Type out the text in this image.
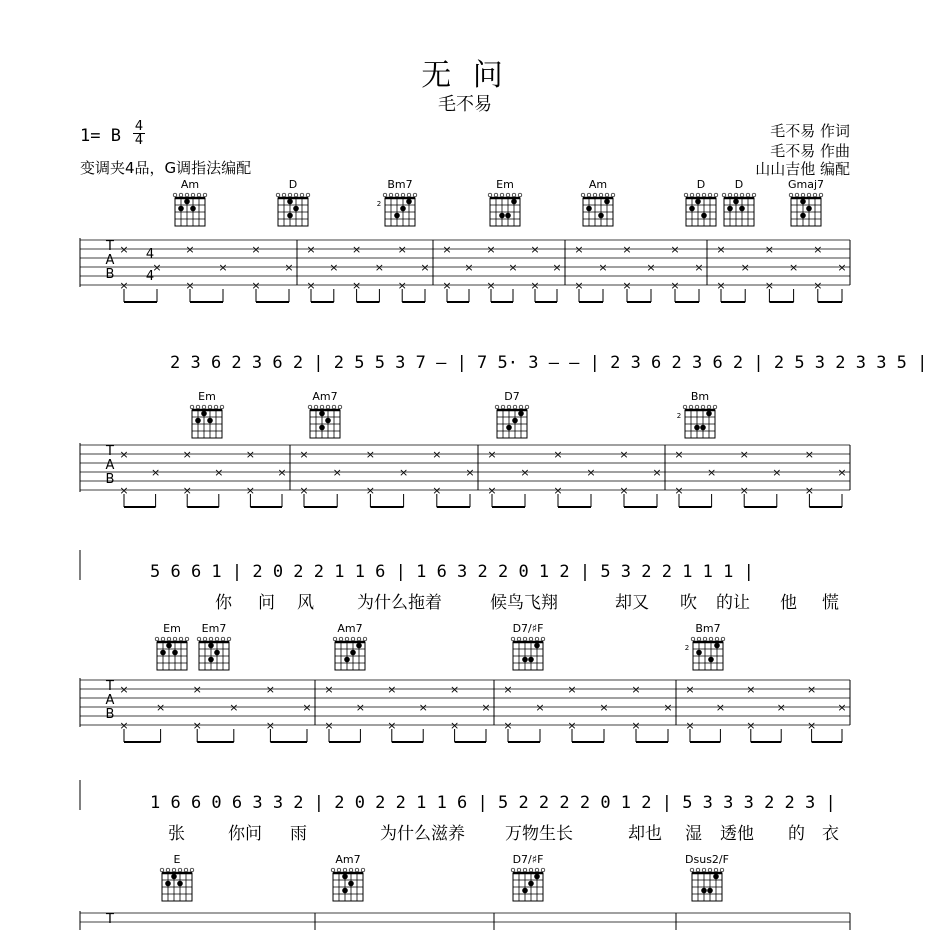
无 问
毛不易
1= B 4
4
变调夹4品，G调指法编配
毛不易 作词
毛不易 作曲
山山吉他 编配
Am	D	Bm7
2
Em	Am	D	D	Gmaj7
T
A
B
4
4
×
×
×
×
×
×
×
×
×
×
×
×
×
×
×
×
×
×
×
×
×
×
×
×
×
×
×
×
×
×
×
×
×
×
×
×
×
×
×
×
×
×
×
×
×
Em	Am7	D7	Bm
2
T
A
B
×
×
×
×
×
×
×
×
×
×
×
×
×
×
×
×
×
×
×
×
×
×
×
×
×
×
×
×
×
×
×
×
×
×
×
×
Em Em7	Am7	D7/♯F	Bm7
2
T
A
B
×
×
×
×
×
×
×
×
×
×
×
×
×
×
×
×
×
×
×
×
×
×
×
×
×
×
×
×
×
×
×
×
×
×
×
×
E	Am7	D7/♯F	Dsus2/F
T
2 3 6 2 3 6 2 | 2 5 5 3 7 – | 7 5· 3 – – | 2 3 6 2 3 6 2 | 2 5 3 2 3 3 5 |
5 6 6 1 | 2 0 2 2 1 1 6 | 1 6 3 2 2 0 1 2 | 5 3 2 2 1 1 1 |
你 问 风	为什么拖着	候鸟飞翔	却又 吹 的让 他 慌
1 6 6 0 6 3 3 2 | 2 0 2 2 1 1 6 | 5 2 2 2 2 0 1 2 | 5 3 3 3 2 2 3 |
张	你问 雨	为什么滋养 万物生长	却也 湿 透他 的 衣
